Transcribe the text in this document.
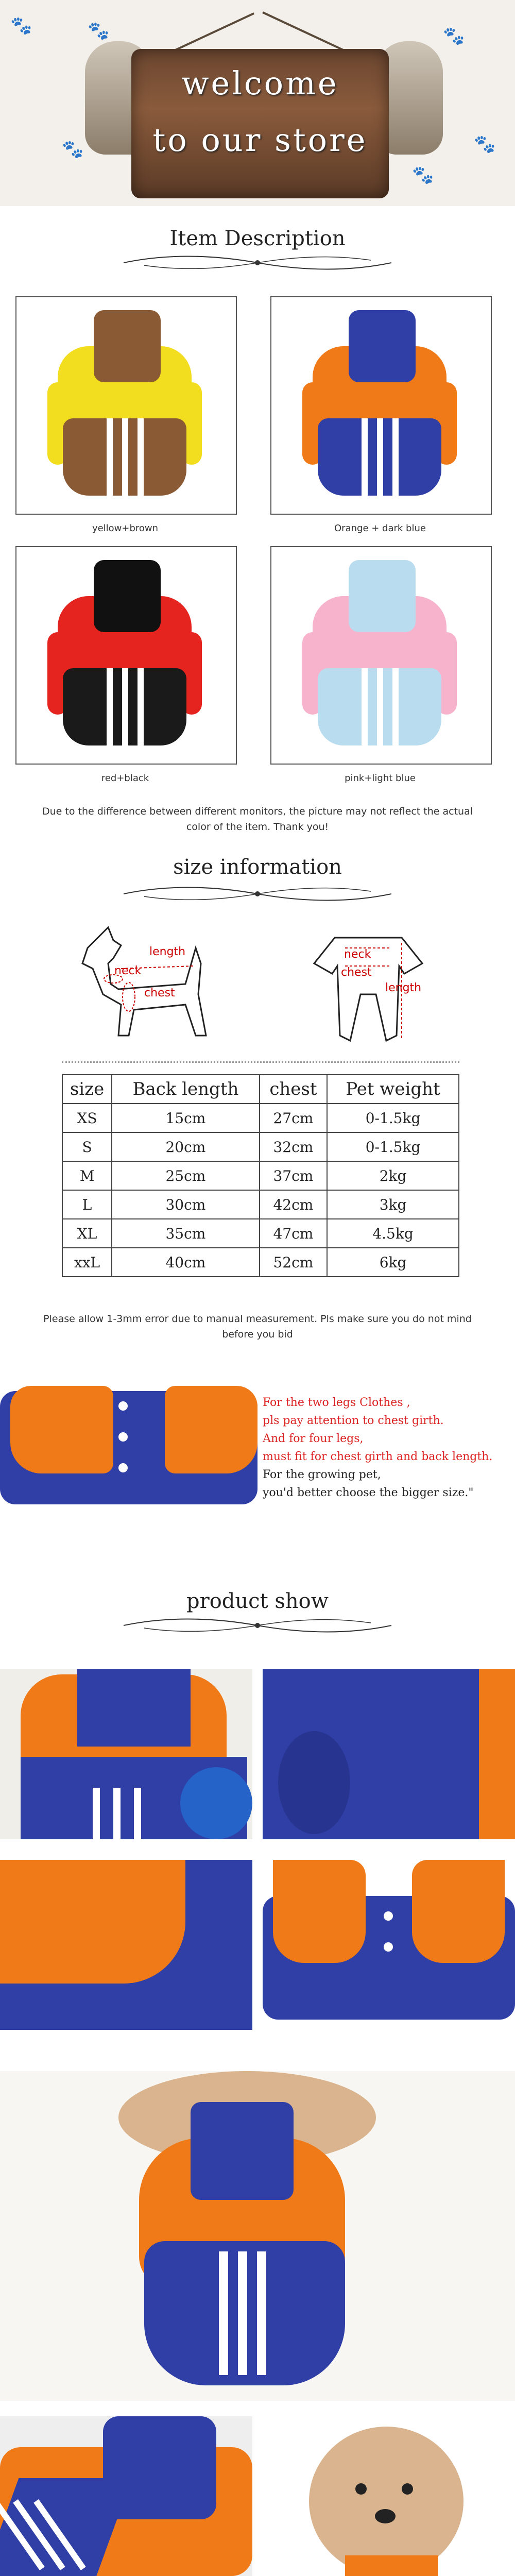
🐾
🐾
🐾	🐾
🐾
🐾
welcome
to our store
Item Description
yellow+brown	Orange + dark blue
red+black	pink+light blue
Due to the difference between different monitors, the picture may not reflect the actual color of the item. Thank you!
size information
length
neck
chest
neck
chest
length
size	Back length	chest	Pet weight
XS	15cm	27cm	0-1.5kg
S	20cm	32cm	0-1.5kg
M	25cm	37cm	2kg
L	30cm	42cm	3kg
XL	35cm	47cm	4.5kg
xxL	40cm	52cm	6kg
Please allow 1-3mm error due to manual measurement. Pls make sure you do not mind before you bid
For the two legs Clothes ,
pls pay attention to chest girth.
And for four legs,
must fit for chest girth and back length.
For the growing pet,
you'd better choose the bigger size."
product show
